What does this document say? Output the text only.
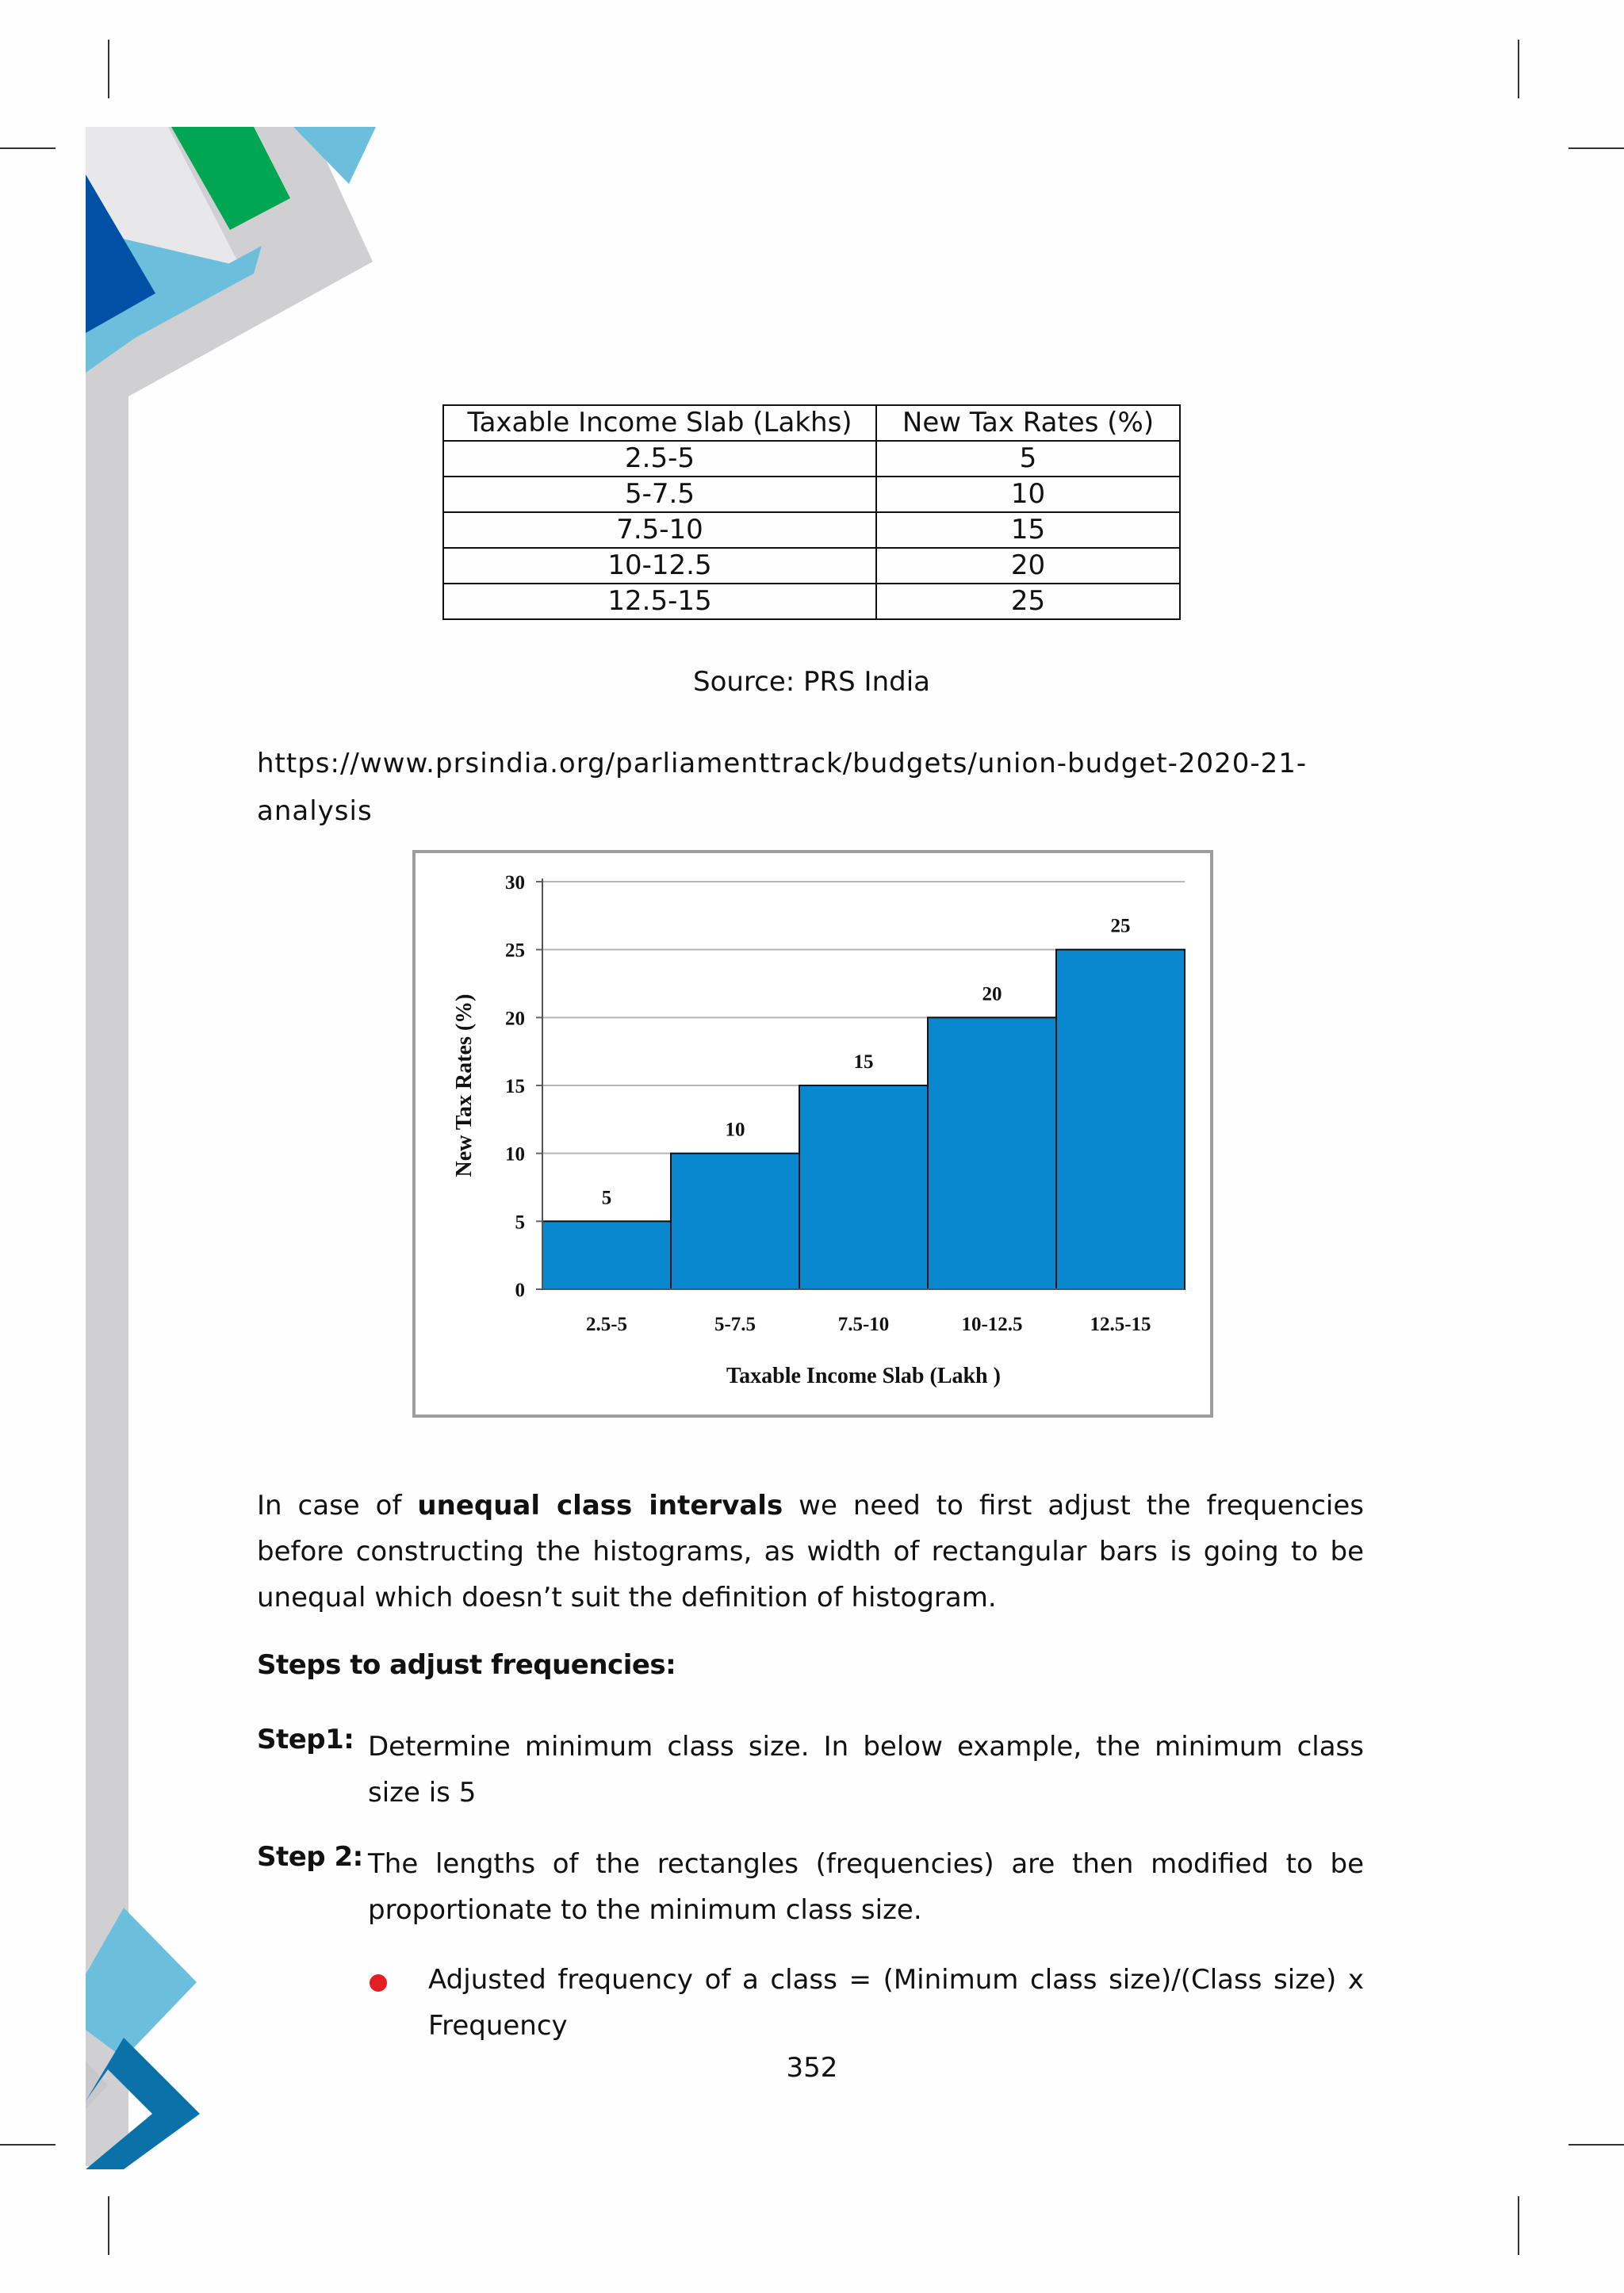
Taxable Income Slab (Lakhs)	New Tax Rates (%)
2.5-5	5
5-7.5	10
7.5-10	15
10-12.5	20
12.5-15	25
Source: PRS India
https://www.prsindia.org/parliamenttrack/budgets/union-budget-2020-21-
analysis
0
5
10
15
20
25
30
5
2.5-5
10
5-7.5
15
7.5-10
20
10-12.5
25
12.5-15
Taxable Income Slab (Lakh )
New Tax Rates (%)
In case of unequal class intervals we need to first adjust the frequencies before constructing the histograms, as width of rectangular bars is going to be unequal which doesn’t suit the definition of histogram.
Steps to adjust frequencies:
Step1: Determine minimum class size. In below example, the minimum class size is 5
Step 2: The lengths of the rectangles (frequencies) are then modified to be proportionate to the minimum class size.
Adjusted frequency of a class = (Minimum class size)/(Class size) x Frequency
352
